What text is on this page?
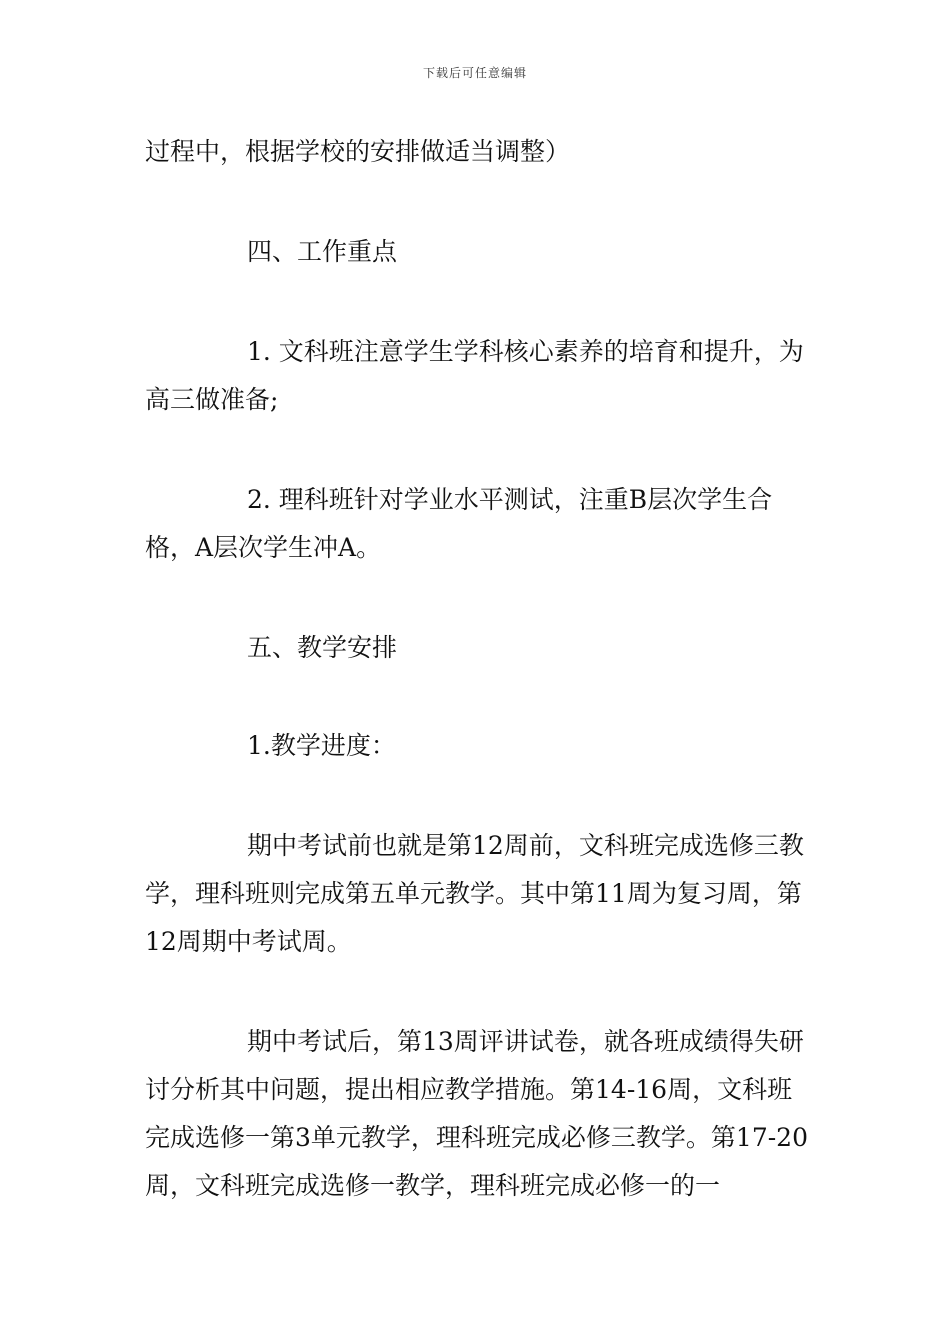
下载后可任意编辑

过程中，根据学校的安排做适当调整）

四、工作重点

1. 文科班注意学生学科核心素养的培育和提升，为高三做准备;

2. 理科班针对学业水平测试，注重B层次学生合格，A层次学生冲A。

五、教学安排

1.教学进度：

期中考试前也就是第12周前，文科班完成选修三教学，理科班则完成第五单元教学。其中第11周为复习周，第12周期中考试周。

期中考试后，第13周评讲试卷，就各班成绩得失研讨分析其中问题，提出相应教学措施。第14-16周，文科班完成选修一第3单元教学，理科班完成必修三教学。第17-20周，文科班完成选修一教学，理科班完成必修一的一
